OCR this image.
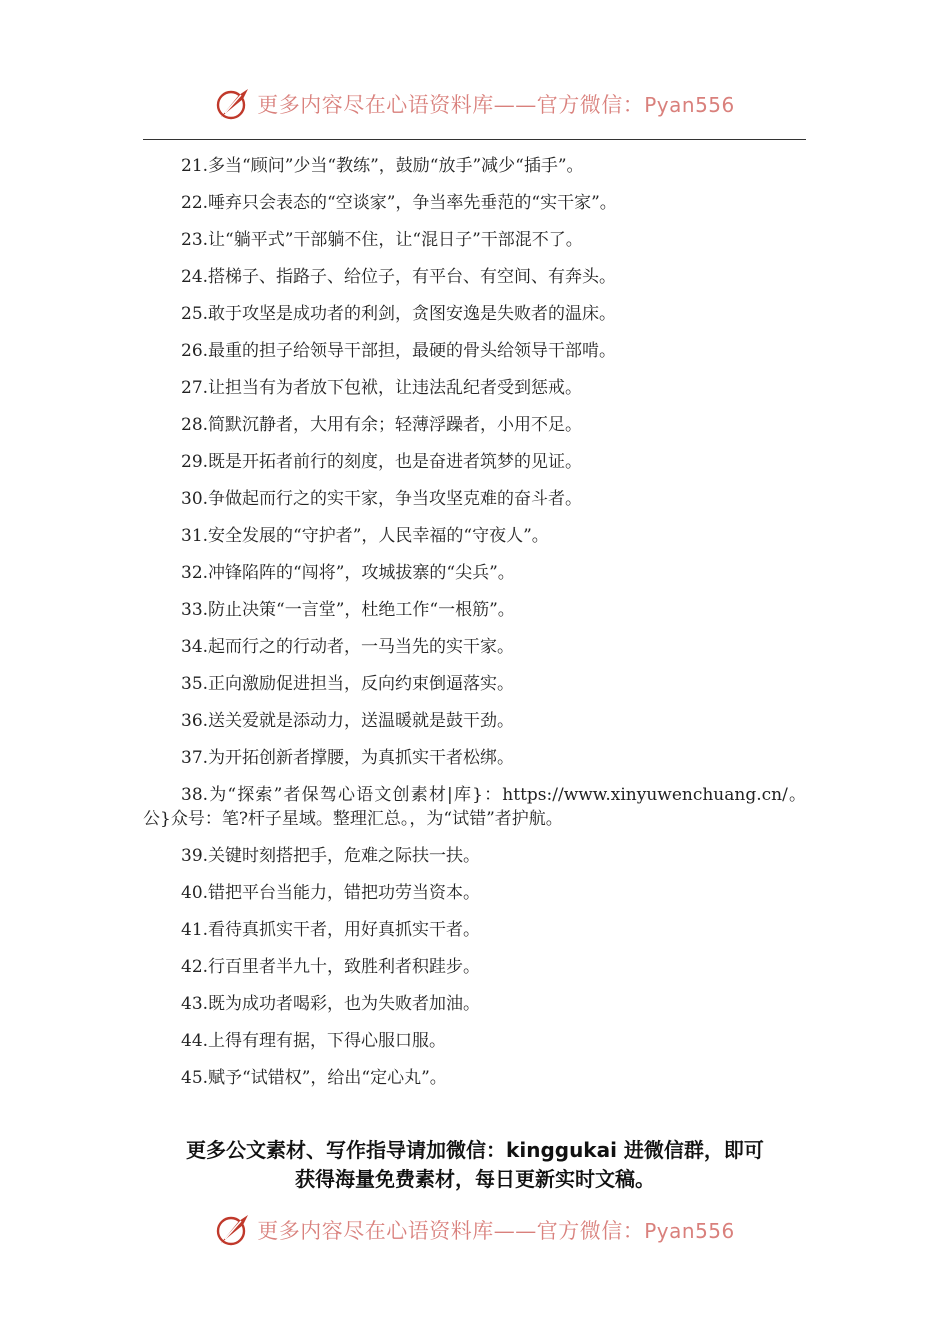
更多内容尽在心语资料库——官方微信：Pyan556
21.多当“顾问”少当“教练”，鼓励“放手”减少“插手”。
22.唾弃只会表态的“空谈家”，争当率先垂范的“实干家”。
23.让“躺平式”干部躺不住，让“混日子”干部混不了。
24.搭梯子、指路子、给位子，有平台、有空间、有奔头。
25.敢于攻坚是成功者的利剑，贪图安逸是失败者的温床。
26.最重的担子给领导干部担，最硬的骨头给领导干部啃。
27.让担当有为者放下包袱，让违法乱纪者受到惩戒。
28.简默沉静者，大用有余；轻薄浮躁者，小用不足。
29.既是开拓者前行的刻度，也是奋进者筑梦的见证。
30.争做起而行之的实干家，争当攻坚克难的奋斗者。
31.安全发展的“守护者”，人民幸福的“守夜人”。
32.冲锋陷阵的“闯将”，攻城拔寨的“尖兵”。
33.防止决策“一言堂”，杜绝工作“一根筋”。
34.起而行之的行动者，一马当先的实干家。
35.正向激励促进担当，反向约束倒逼落实。
36.送关爱就是添动力，送温暖就是鼓干劲。
37.为开拓创新者撑腰，为真抓实干者松绑。
38.为“探索”者保驾心语文创素材|库}：https://www.xinyuwenchuang.cn/。公}众号：笔?杆子星域。整理汇总。，为“试错”者护航。
39.关键时刻搭把手，危难之际扶一扶。
40.错把平台当能力，错把功劳当资本。
41.看待真抓实干者，用好真抓实干者。
42.行百里者半九十，致胜利者积跬步。
43.既为成功者喝彩，也为失败者加油。
44.上得有理有据，下得心服口服。
45.赋予“试错权”，给出“定心丸”。
更多公文素材、写作指导请加微信：kinggukai 进微信群，即可
获得海量免费素材，每日更新实时文稿。
更多内容尽在心语资料库——官方微信：Pyan556
